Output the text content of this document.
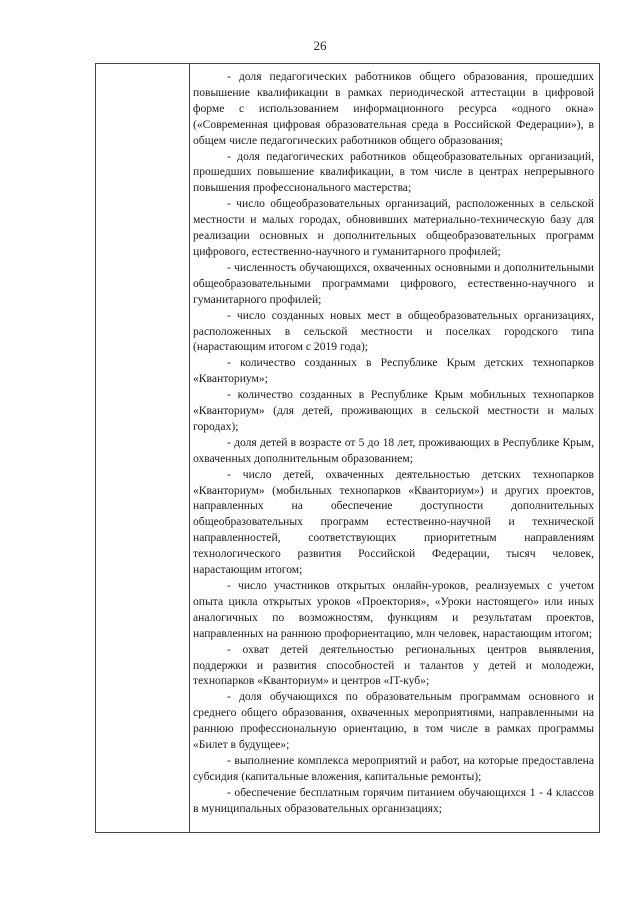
26

- доля педагогических работников общего образования, прошедших повышение квалификации в рамках периодической аттестации в цифровой форме с использованием информационного ресурса «одного окна» («Современная цифровая образовательная среда в Российской Федерации»), в общем числе педагогических работников общего образования;

- доля педагогических работников общеобразовательных организаций, прошедших повышение квалификации, в том числе в центрах непрерывного повышения профессионального мастерства;

- число общеобразовательных организаций, расположенных в сельской местности и малых городах, обновивших материально-техническую базу для реализации основных и дополнительных общеобразовательных программ цифрового, естественно-научного и гуманитарного профилей;

- численность обучающихся, охваченных основными и дополнительными общеобразовательными программами цифрового, естественно-научного и гуманитарного профилей;

- число созданных новых мест в общеобразовательных организациях, расположенных в сельской местности и поселках городского типа (нарастающим итогом с 2019 года);

- количество созданных в Республике Крым детских технопарков «Кванториум»;

- количество созданных в Республике Крым мобильных технопарков «Кванториум» (для детей, проживающих в сельской местности и малых городах);

- доля детей в возрасте от 5 до 18 лет, проживающих в Республике Крым, охваченных дополнительным образованием;

- число детей, охваченных деятельностью детских технопарков «Кванториум» (мобильных технопарков «Кванториум») и других проектов, направленных на обеспечение доступности дополнительных общеобразовательных программ естественно-научной и технической направленностей, соответствующих приоритетным направлениям технологического развития Российской Федерации, тысяч человек, нарастающим итогом;

- число участников открытых онлайн-уроков, реализуемых с учетом опыта цикла открытых уроков «Проектория», «Уроки настоящего» или иных аналогичных по возможностям, функциям и результатам проектов, направленных на раннюю профориентацию, млн человек, нарастающим итогом;

- охват детей деятельностью региональных центров выявления, поддержки и развития способностей и талантов у детей и молодежи, технопарков «Кванториум» и центров «IT-куб»;

- доля обучающихся по образовательным программам основного и среднего общего образования, охваченных мероприятиями, направленными на раннюю профессиональную ориентацию, в том числе в рамках программы «Билет в будущее»;

- выполнение комплекса мероприятий и работ, на которые предоставлена субсидия (капитальные вложения, капитальные ремонты);

- обеспечение бесплатным горячим питанием обучающихся 1 - 4 классов в муниципальных образовательных организациях;
